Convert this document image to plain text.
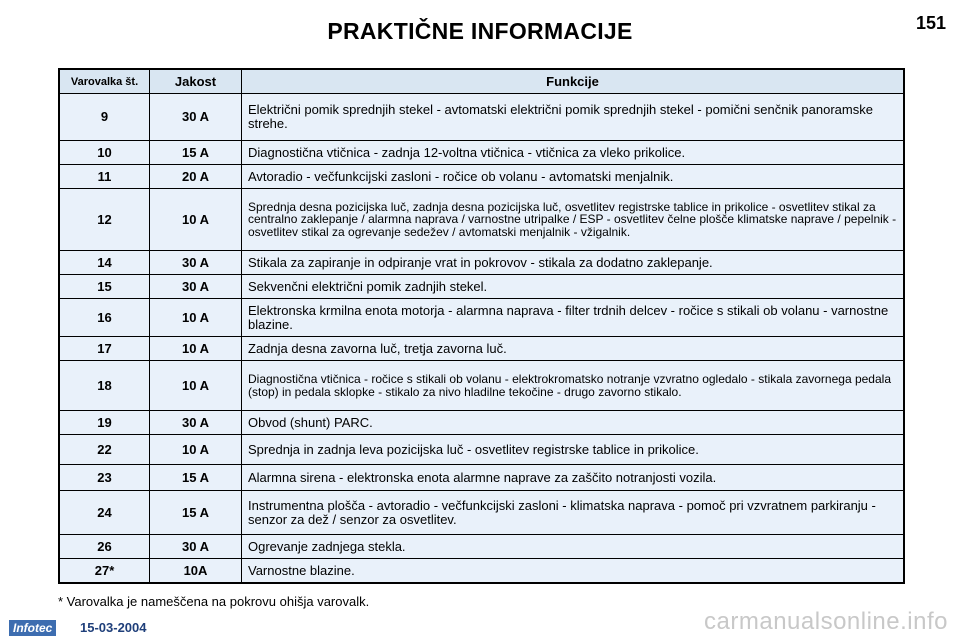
PRAKTIČNE INFORMACIJE	151
Varovalka št.	Jakost	Funkcije
9	30 A	Električni pomik sprednjih stekel - avtomatski električni pomik sprednjih stekel - pomični senčnik panoramske strehe.
10	15 A	Diagnostična vtičnica - zadnja 12-voltna vtičnica - vtičnica za vleko prikolice.
11	20 A	Avtoradio - večfunkcijski zasloni - ročice ob volanu - avtomatski menjalnik.
12	10 A	Sprednja desna pozicijska luč, zadnja desna pozicijska luč, osvetlitev registrske tablice in prikolice - osvetlitev stikal za centralno zaklepanje / alarmna naprava / varnostne utripalke / ESP - osvetlitev čelne plošče klimatske naprave / pepelnik - osvetlitev stikal za ogrevanje sedežev / avtomatski menjalnik - vžigalnik.
14	30 A	Stikala za zapiranje in odpiranje vrat in pokrovov - stikala za dodatno zaklepanje.
15	30 A	Sekvenčni električni pomik zadnjih stekel.
16	10 A	Elektronska krmilna enota motorja - alarmna naprava - filter trdnih delcev - ročice s stikali ob volanu - varnostne blazine.
17	10 A	Zadnja desna zavorna luč, tretja zavorna luč.
18	10 A	Diagnostična vtičnica - ročice s stikali ob volanu - elektrokromatsko notranje vzvratno ogledalo - stikala zavornega pedala (stop) in pedala sklopke - stikalo za nivo hladilne tekočine - drugo zavorno stikalo.
19	30 A	Obvod (shunt) PARC.
22	10 A	Sprednja in zadnja leva pozicijska luč - osvetlitev registrske tablice in prikolice.
23	15 A	Alarmna sirena - elektronska enota alarmne naprave za zaščito notranjosti vozila.
24	15 A	Instrumentna plošča - avtoradio - večfunkcijski zasloni - klimatska naprava - pomoč pri vzvratnem parkiranju - senzor za dež / senzor za osvetlitev.
26	30 A	Ogrevanje zadnjega stekla.
27*	10A	Varnostne blazine.
* Varovalka je nameščena na pokrovu ohišja varovalk.
Infotec	15-03-2004	carmanualsonline.info
